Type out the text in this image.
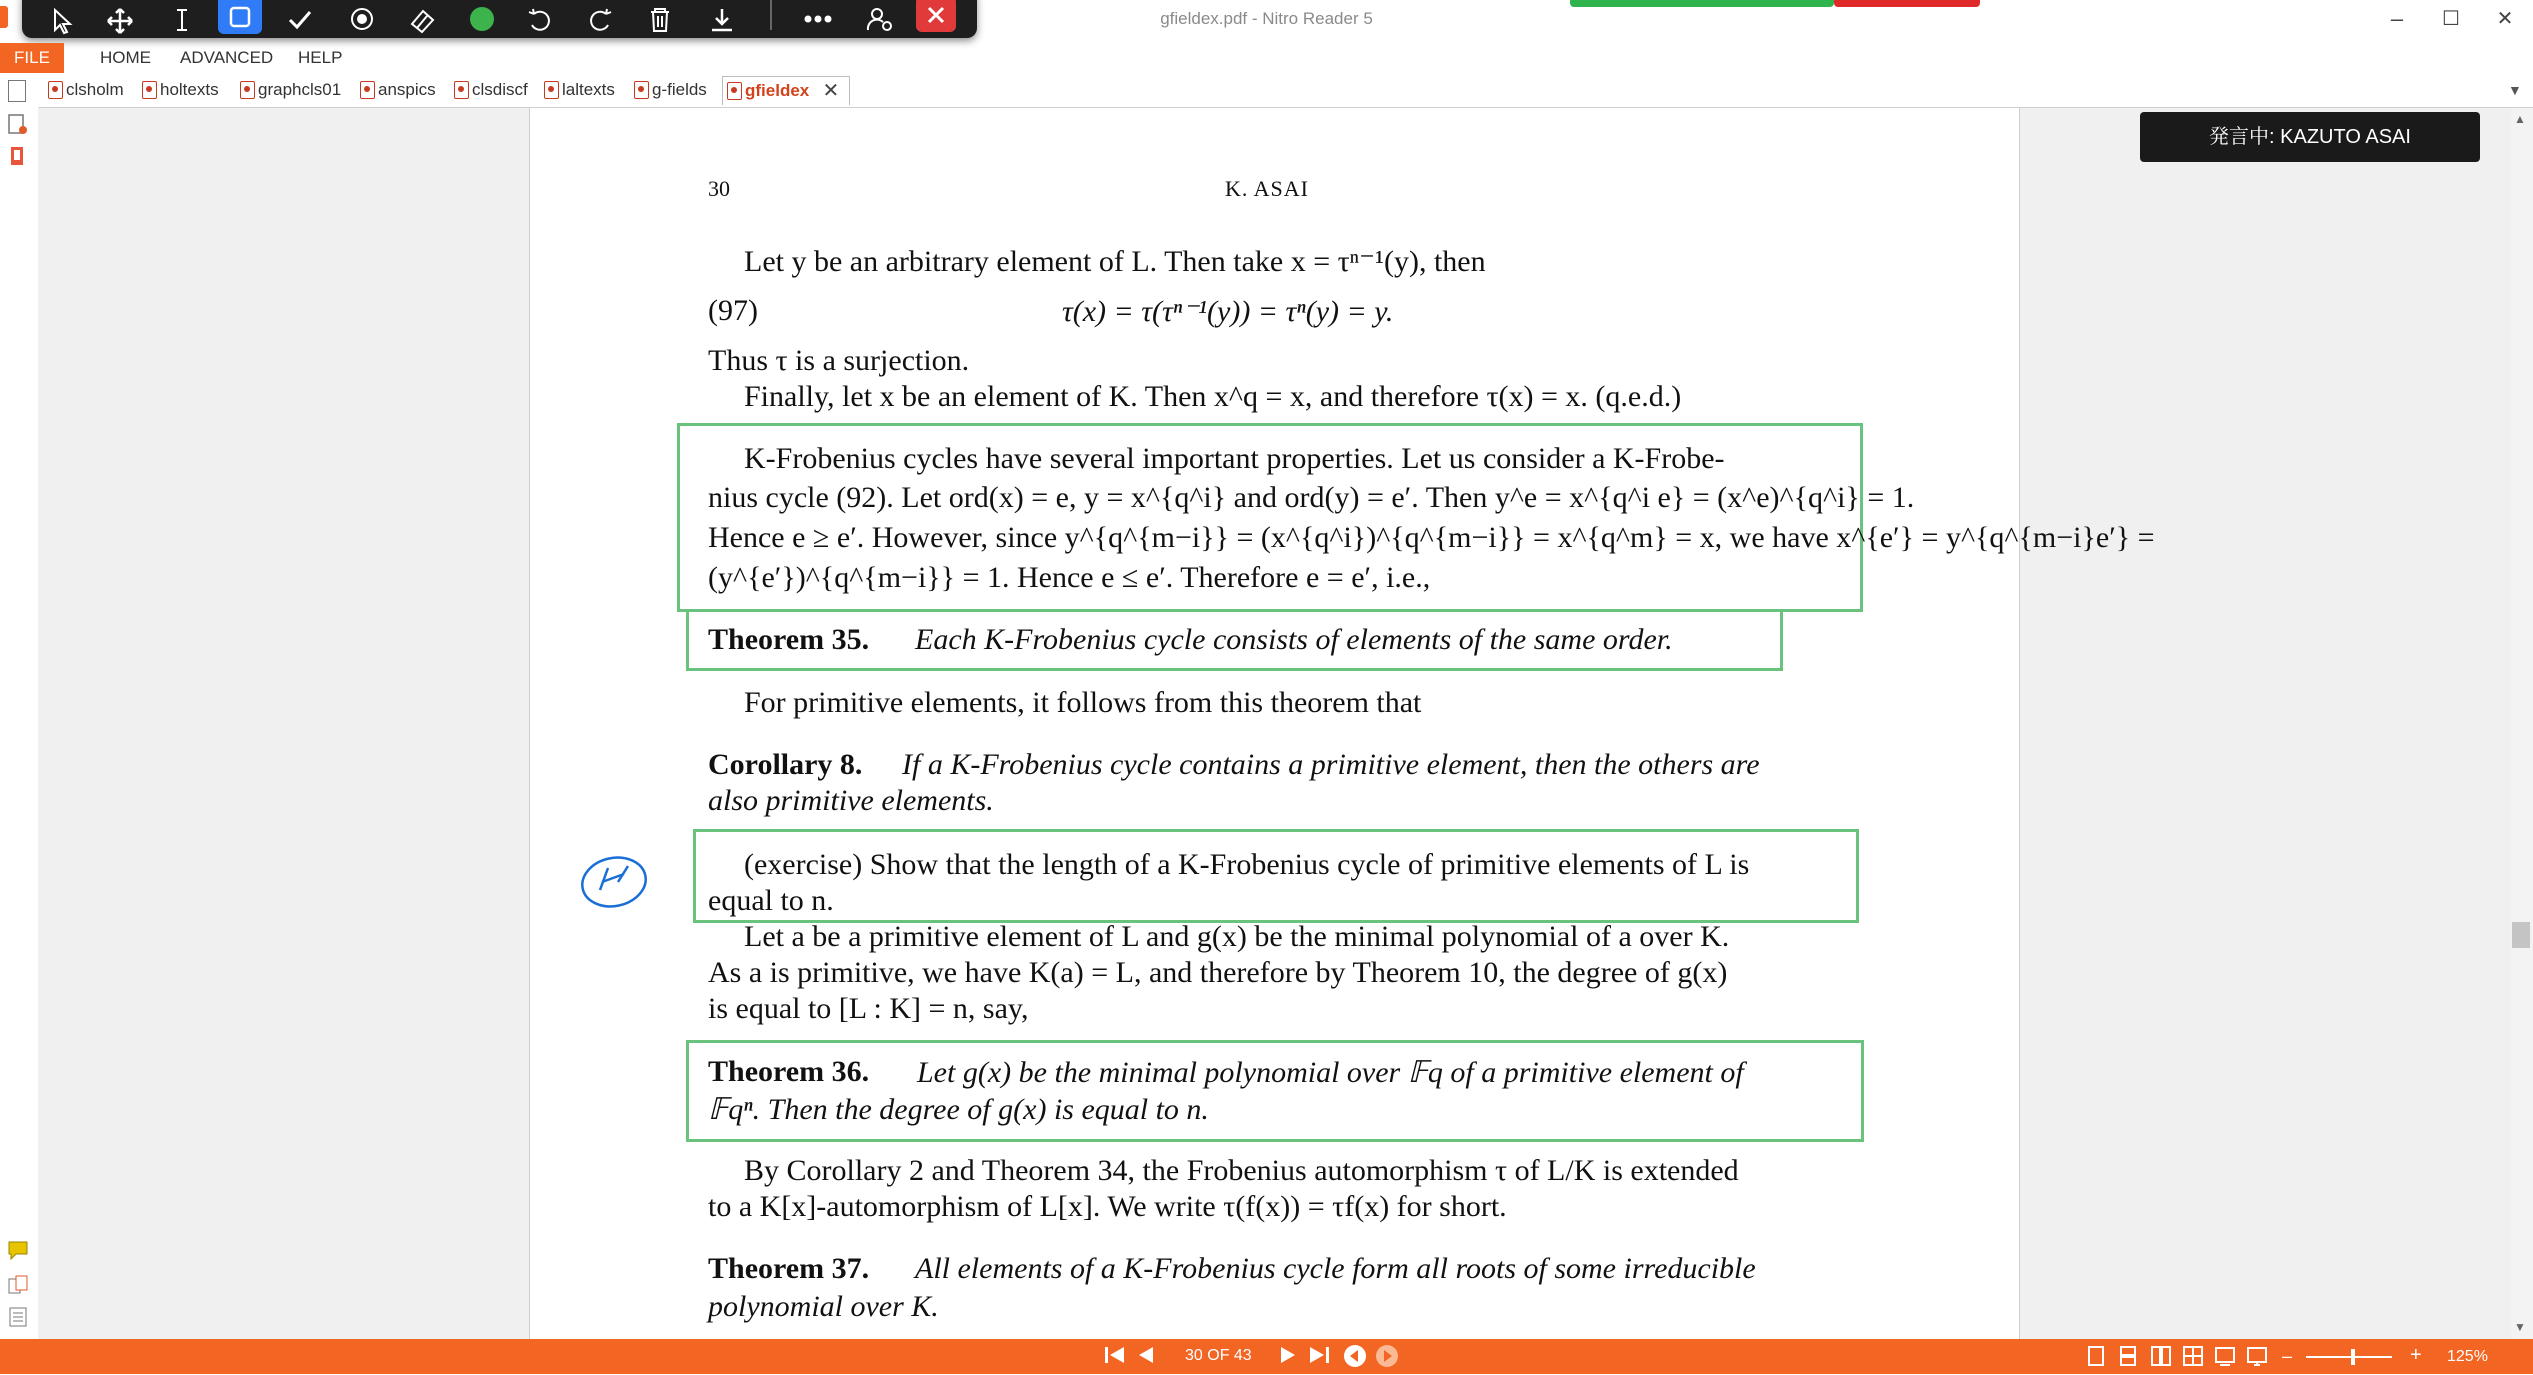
gfieldex.pdf - Nitro Reader 5	–	☐	✕
FILE	HOME	ADVANCED	HELP
clsholm	holtexts	graphcls01	anspics	clsdiscf	laltexts	g-fields	gfieldex ✕	▼
▲
▼
発言中: KAZUTO ASAI
30	K. ASAI
Let y be an arbitrary element of L. Then take x = τⁿ⁻¹(y), then
(97)	τ(x) = τ(τⁿ⁻¹(y)) = τⁿ(y) = y.
Thus τ is a surjection.
Finally, let x be an element of K. Then x^q = x, and therefore τ(x) = x. (q.e.d.)
K-Frobenius cycles have several important properties. Let us consider a K-Frobe-
nius cycle (92). Let ord(x) = e, y = x^{q^i} and ord(y) = e′. Then y^e = x^{q^i e} = (x^e)^{q^i} = 1.
Hence e ≥ e′. However, since y^{q^{m−i}} = (x^{q^i})^{q^{m−i}} = x^{q^m} = x, we have x^{e′} = y^{q^{m−i}e′} =
(y^{e′})^{q^{m−i}} = 1. Hence e ≤ e′. Therefore e = e′, i.e.,
Theorem 35. Each K-Frobenius cycle consists of elements of the same order.
For primitive elements, it follows from this theorem that
Corollary 8. If a K-Frobenius cycle contains a primitive element, then the others are
also primitive elements.
(exercise) Show that the length of a K-Frobenius cycle of primitive elements of L is
equal to n.
Let a be a primitive element of L and g(x) be the minimal polynomial of a over K.
As a is primitive, we have K(a) = L, and therefore by Theorem 10, the degree of g(x)
is equal to [L : K] = n, say,
Theorem 36. Let g(x) be the minimal polynomial over 𝔽q of a primitive element of
𝔽qⁿ. Then the degree of g(x) is equal to n.
By Corollary 2 and Theorem 34, the Frobenius automorphism τ of L/K is extended
to a K[x]-automorphism of L[x]. We write τ(f(x)) = τf(x) for short.
Theorem 37. All elements of a K-Frobenius cycle form all roots of some irreducible
polynomial over K.
30 OF 43	–	+ 125%
